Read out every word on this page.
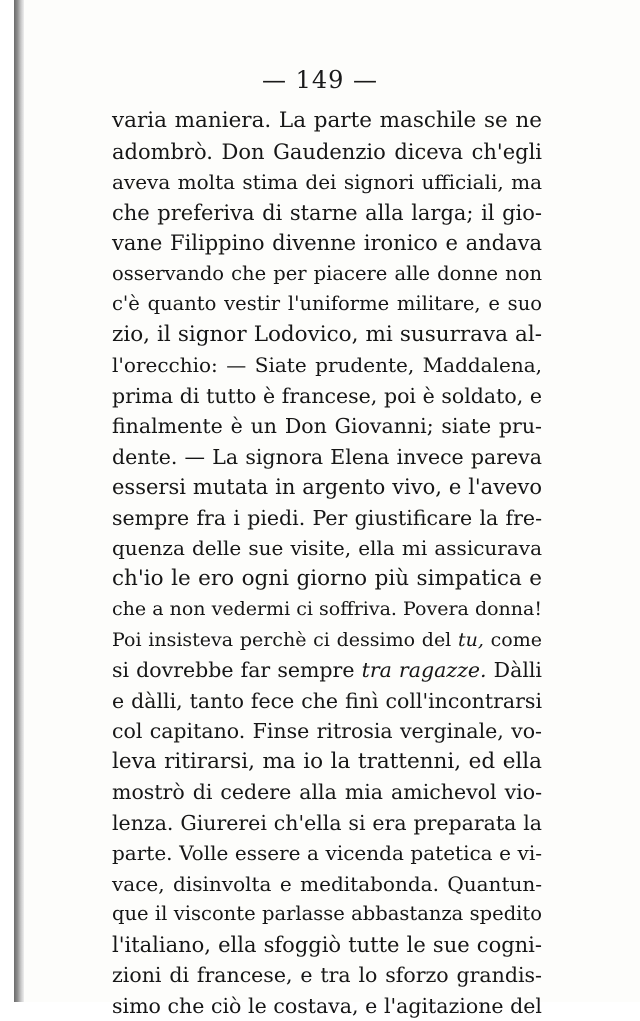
— 149 —
varia maniera. La parte maschile se ne
adombrò. Don Gaudenzio diceva ch'egli
aveva molta stima dei signori ufficiali, ma
che preferiva di starne alla larga; il gio-
vane Filippino divenne ironico e andava
osservando che per piacere alle donne non
c'è quanto vestir l'uniforme militare, e suo
zio, il signor Lodovico, mi susurrava al-
l'orecchio: — Siate prudente, Maddalena,
prima di tutto è francese, poi è soldato, e
finalmente è un Don Giovanni; siate pru-
dente. — La signora Elena invece pareva
essersi mutata in argento vivo, e l'avevo
sempre fra i piedi. Per giustificare la fre-
quenza delle sue visite, ella mi assicurava
ch'io le ero ogni giorno più simpatica e
che a non vedermi ci soffriva. Povera donna!
Poi insisteva perchè ci dessimo del tu, come
si dovrebbe far sempre tra ragazze. Dàlli
e dàlli, tanto fece che finì coll'incontrarsi
col capitano. Finse ritrosia verginale, vo-
leva ritirarsi, ma io la trattenni, ed ella
mostrò di cedere alla mia amichevol vio-
lenza. Giurerei ch'ella si era preparata la
parte. Volle essere a vicenda patetica e vi-
vace, disinvolta e meditabonda. Quantun-
que il visconte parlasse abbastanza spedito
l'italiano, ella sfoggiò tutte le sue cogni-
zioni di francese, e tra lo sforzo grandis-
simo che ciò le costava, e l'agitazione del
